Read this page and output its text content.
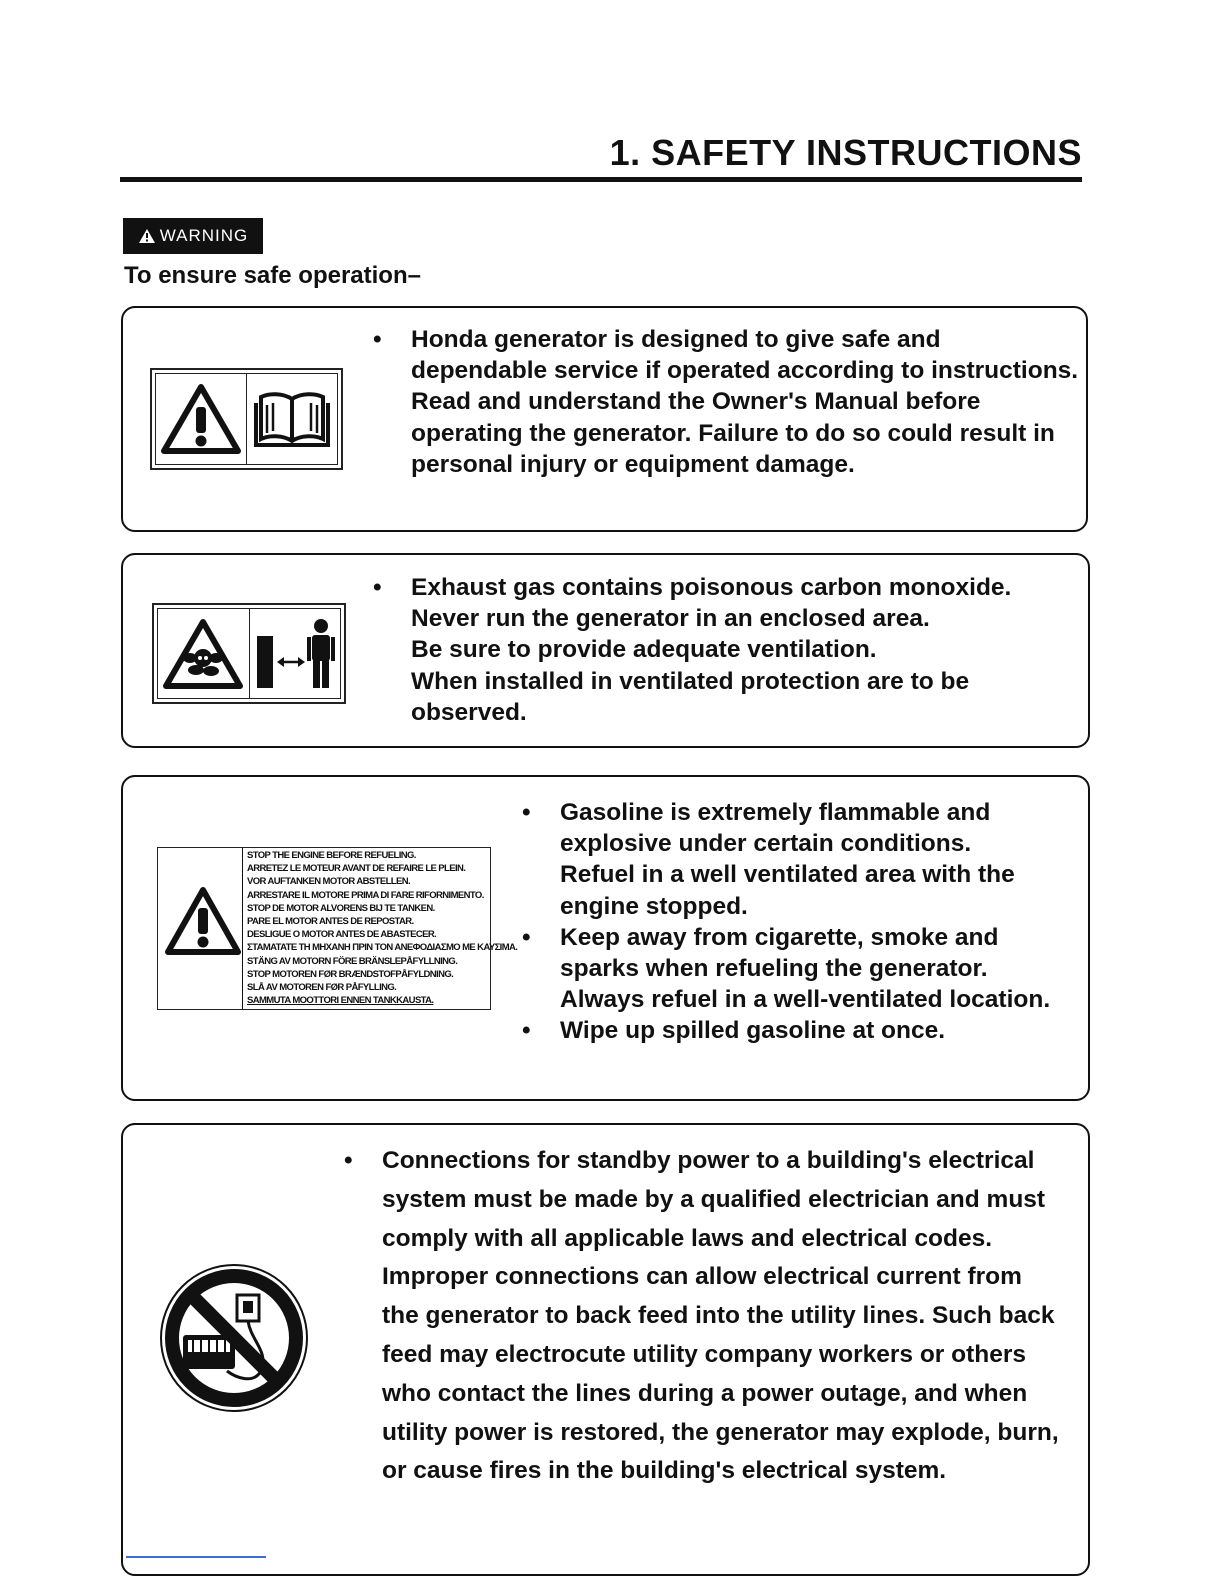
1. SAFETY INSTRUCTIONS
WARNING

To ensure safe operation–

• Honda generator is designed to give safe and dependable service if operated according to instructions.
Read and understand the Owner's Manual before operating the generator. Failure to do so could result in personal injury or equipment damage.
• Exhaust gas contains poisonous carbon monoxide.
Never run the generator in an enclosed area.
Be sure to provide adequate ventilation.
When installed in ventilated protection are to be observed.
STOP THE ENGINE BEFORE REFUELING.
ARRETEZ LE MOTEUR AVANT DE REFAIRE LE PLEIN.
VOR AUFTANKEN MOTOR ABSTELLEN.
ARRESTARE IL MOTORE PRIMA DI FARE RIFORNIMENTO.
STOP DE MOTOR ALVORENS BIJ TE TANKEN.
PARE EL MOTOR ANTES DE REPOSTAR.
DESLIGUE O MOTOR ANTES DE ABASTECER.
ΣΤΑΜΑΤΑΤΕ ΤΗ ΜΗΧΑΝΗ ΠΡΙΝ ΤΟΝ ΑΝΕΦΟΔΙΑΣΜΟ ΜΕ ΚΑΥΣΙΜΑ.
STÄNG AV MOTORN FÖRE BRÄNSLEPÅFYLLNING.
STOP MOTOREN FØR BRÆNDSTOFPÅFYLDNING.
SLÅ AV MOTOREN FØR PÅFYLLING.
SAMMUTA MOOTTORI ENNEN TANKKAUSTA.
• Gasoline is extremely flammable and explosive under certain conditions.
Refuel in a well ventilated area with the engine stopped.
• Keep away from cigarette, smoke and sparks when refueling the generator.
Always refuel in a well-ventilated location.
• Wipe up spilled gasoline at once.
• Connections for standby power to a building's electrical system must be made by a qualified electrician and must comply with all applicable laws and electrical codes. Improper connections can allow electrical current from the generator to back feed into the utility lines. Such back feed may electrocute utility company workers or others who contact the lines during a power outage, and when utility power is restored, the generator may explode, burn, or cause fires in the building's electrical system.
